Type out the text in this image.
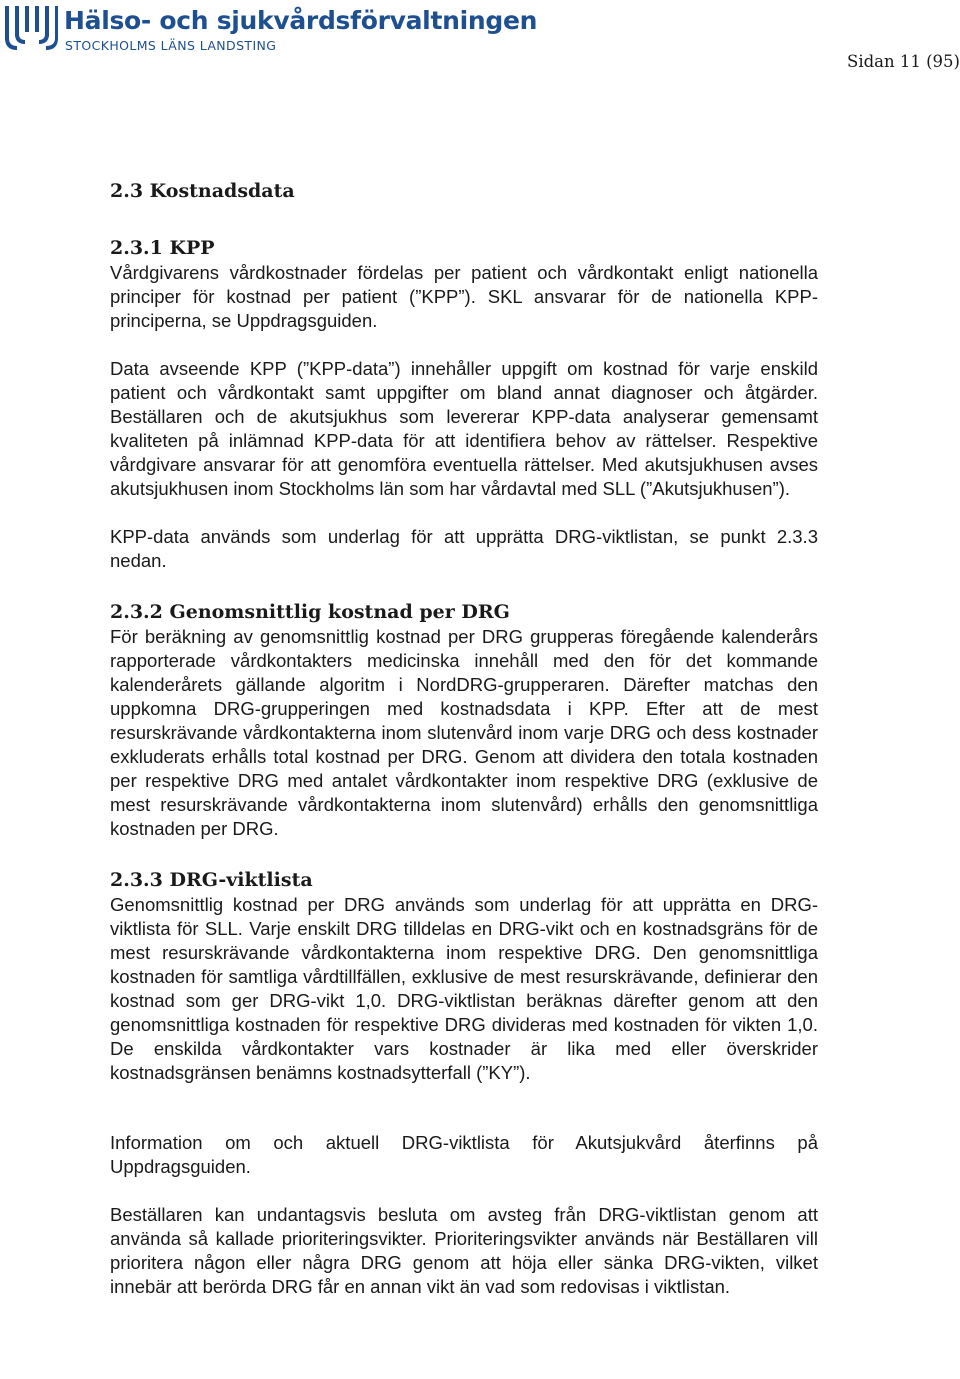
Hälso- och sjukvårdsförvaltningen
STOCKHOLMS LÄNS LANDSTING
Sidan 11 (95)
2.3 Kostnadsdata
2.3.1 KPP

Vårdgivarens vårdkostnader fördelas per patient och vårdkontakt enligt nationella principer för kostnad per patient (”KPP”). SKL ansvarar för de nationella KPP-principerna, se Uppdragsguiden.

Data avseende KPP (”KPP-data”) innehåller uppgift om kostnad för varje enskild patient och vårdkontakt samt uppgifter om bland annat diagnoser och åtgärder. Beställaren och de akutsjukhus som levererar KPP-data analyserar gemensamt kvaliteten på inlämnad KPP-data för att identifiera behov av rättelser. Respektive vårdgivare ansvarar för att genomföra eventuella rättelser. Med akutsjukhusen avses akutsjukhusen inom Stockholms län som har vårdavtal med SLL (”Akutsjukhusen”).

KPP-data används som underlag för att upprätta DRG-viktlistan, se punkt 2.3.3 nedan.

2.3.2 Genomsnittlig kostnad per DRG

För beräkning av genomsnittlig kostnad per DRG grupperas föregående kalenderårs rapporterade vårdkontakters medicinska innehåll med den för det kommande kalenderårets gällande algoritm i NordDRG-grupperaren. Därefter matchas den uppkomna DRG-grupperingen med kostnadsdata i KPP. Efter att de mest resurskrävande vårdkontakterna inom slutenvård inom varje DRG och dess kostnader exkluderats erhålls total kostnad per DRG. Genom att dividera den totala kostnaden per respektive DRG med antalet vårdkontakter inom respektive DRG (exklusive de mest resurskrävande vårdkontakterna inom slutenvård) erhålls den genomsnittliga kostnaden per DRG.

2.3.3 DRG-viktlista

Genomsnittlig kostnad per DRG används som underlag för att upprätta en DRG-viktlista för SLL. Varje enskilt DRG tilldelas en DRG-vikt och en kostnadsgräns för de mest resurskrävande vårdkontakterna inom respektive DRG. Den genomsnittliga kostnaden för samtliga vårdtillfällen, exklusive de mest resurskrävande, definierar den kostnad som ger DRG-vikt 1,0. DRG-viktlistan beräknas därefter genom att den genomsnittliga kostnaden för respektive DRG divideras med kostnaden för vikten 1,0. De enskilda vårdkontakter vars kostnader är lika med eller överskrider kostnadsgränsen benämns kostnadsytterfall (”KY”).

Information om och aktuell DRG-viktlista för Akutsjukvård återfinns på Uppdragsguiden.

Beställaren kan undantagsvis besluta om avsteg från DRG-viktlistan genom att använda så kallade prioriteringsvikter. Prioriteringsvikter används när Beställaren vill prioritera någon eller några DRG genom att höja eller sänka DRG-vikten, vilket innebär att berörda DRG får en annan vikt än vad som redovisas i viktlistan.
